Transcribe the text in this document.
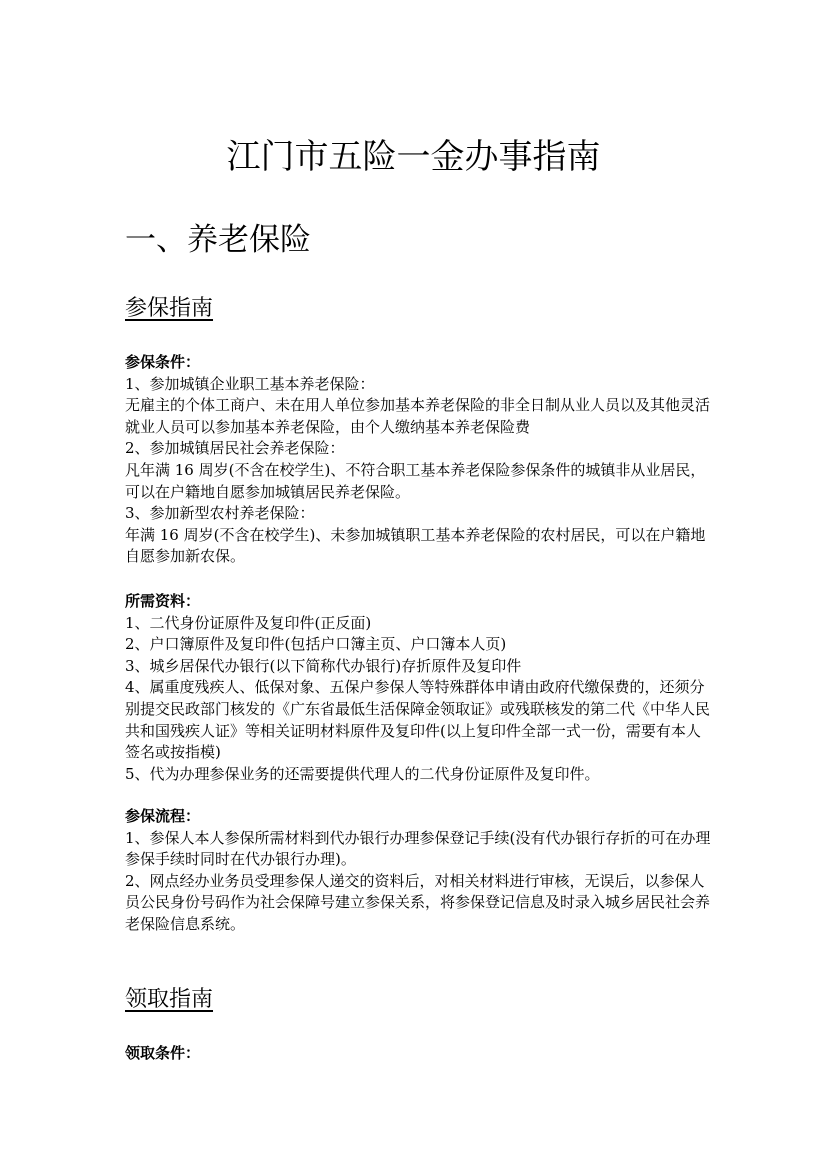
江门市五险一金办事指南
一、养老保险
参保指南

参保条件：

1、参加城镇企业职工基本养老保险：

无雇主的个体工商户、未在用人单位参加基本养老保险的非全日制从业人员以及其他灵活就业人员可以参加基本养老保险，由个人缴纳基本养老保险费

2、参加城镇居民社会养老保险：

凡年满 16 周岁(不含在校学生)、不符合职工基本养老保险参保条件的城镇非从业居民，可以在户籍地自愿参加城镇居民养老保险。

3、参加新型农村养老保险：

年满 16 周岁(不含在校学生)、未参加城镇职工基本养老保险的农村居民，可以在户籍地自愿参加新农保。

所需资料：

1、二代身份证原件及复印件(正反面)

2、户口簿原件及复印件(包括户口簿主页、户口簿本人页)

3、城乡居保代办银行(以下简称代办银行)存折原件及复印件

4、属重度残疾人、低保对象、五保户参保人等特殊群体申请由政府代缴保费的，还须分别提交民政部门核发的《广东省最低生活保障金领取证》或残联核发的第二代《中华人民共和国残疾人证》等相关证明材料原件及复印件(以上复印件全部一式一份，需要有本人签名或按指模)

5、代为办理参保业务的还需要提供代理人的二代身份证原件及复印件。

参保流程：

1、参保人本人参保所需材料到代办银行办理参保登记手续(没有代办银行存折的可在办理参保手续时同时在代办银行办理)。

2、网点经办业务员受理参保人递交的资料后，对相关材料进行审核，无误后，以参保人员公民身份号码作为社会保障号建立参保关系，将参保登记信息及时录入城乡居民社会养老保险信息系统。

领取指南

领取条件：
